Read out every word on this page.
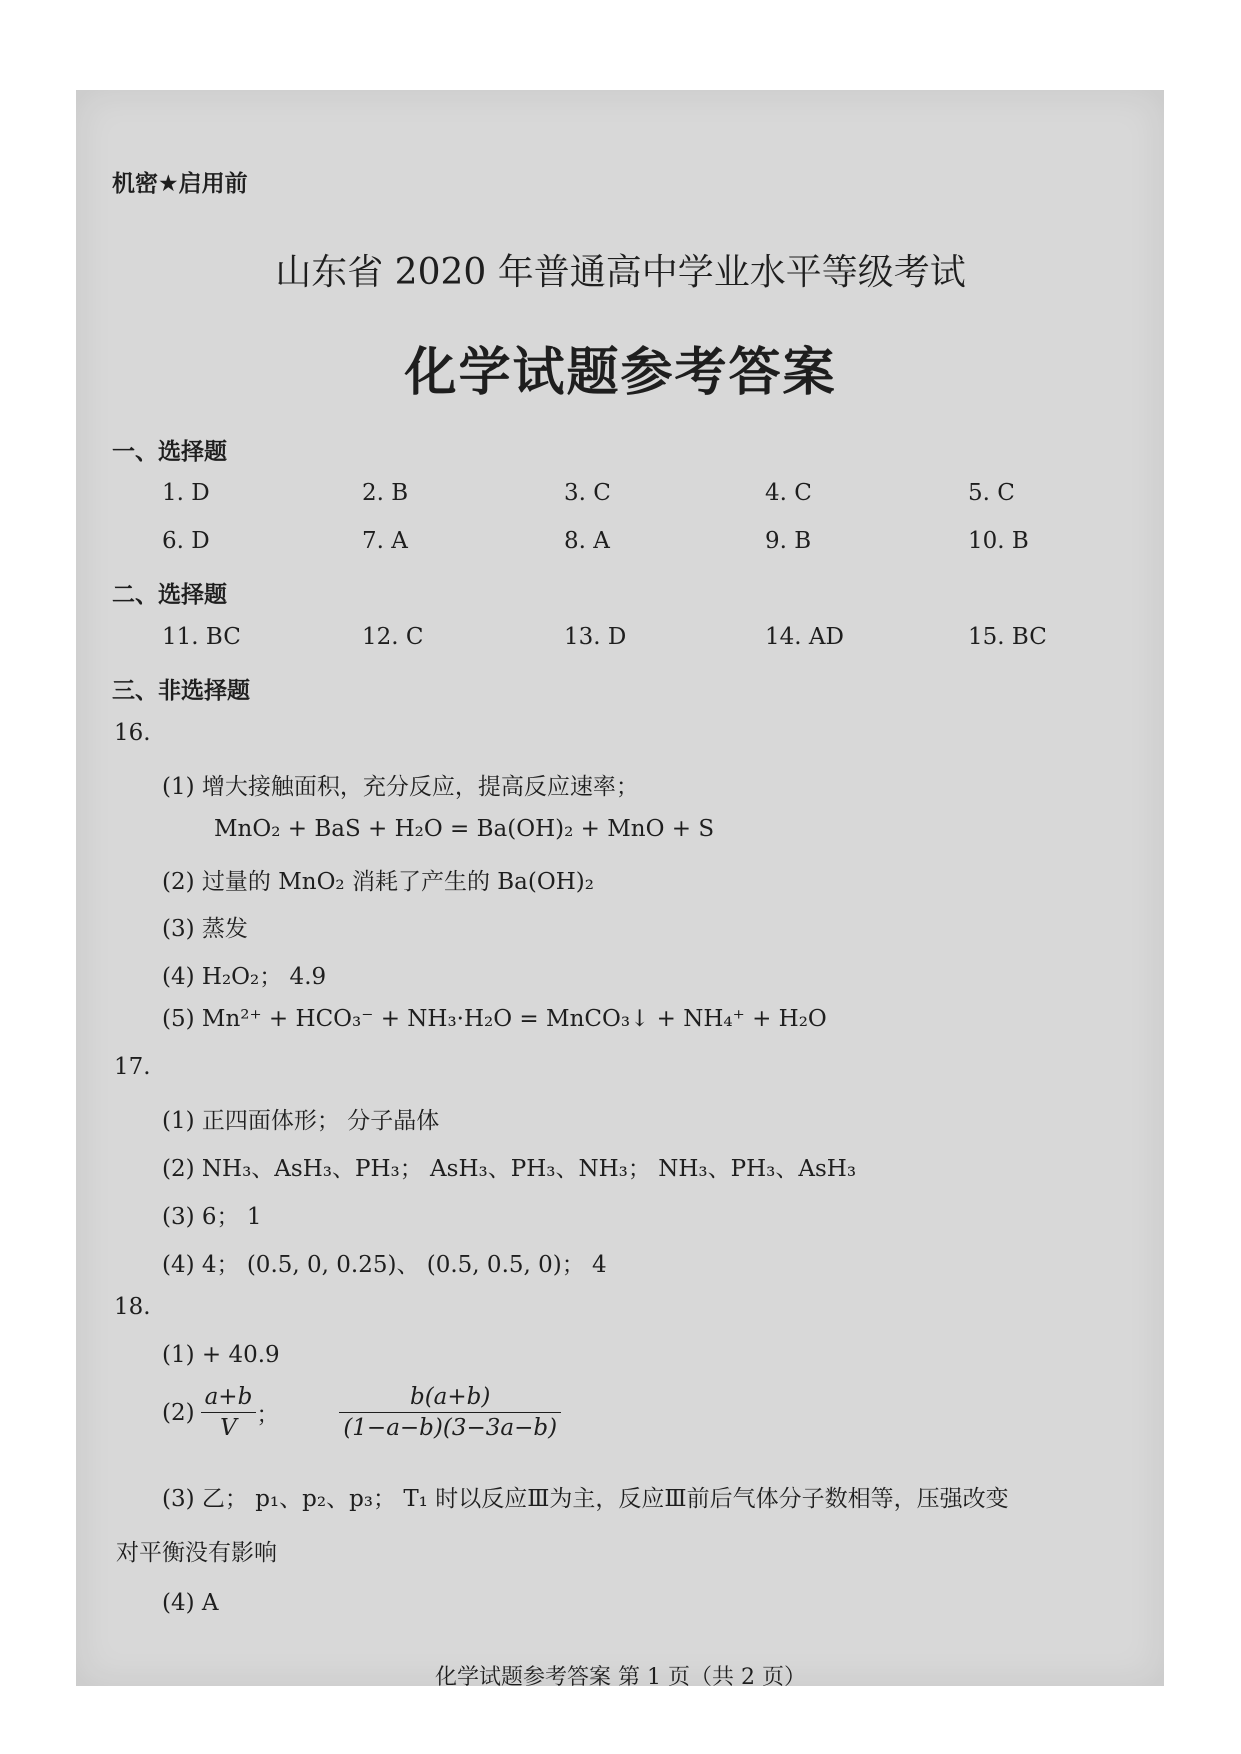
机密★启用前
山东省 2020 年普通高中学业水平等级考试
化学试题参考答案
一、选择题
1. D	2. B	3. C	4. C	5. C
6. D	7. A	8. A	9. B	10. B
二、选择题
11. BC	12. C	13. D	14. AD	15. BC
三、非选择题
16.
(1) 增大接触面积，充分反应，提高反应速率；
MnO₂ + BaS + H₂O = Ba(OH)₂ + MnO + S
(2) 过量的 MnO₂ 消耗了产生的 Ba(OH)₂
(3) 蒸发
(4) H₂O₂； 4.9
(5) Mn²⁺ + HCO₃⁻ + NH₃·H₂O = MnCO₃↓ + NH₄⁺ + H₂O
17.
(1) 正四面体形； 分子晶体
(2) NH₃、AsH₃、PH₃； AsH₃、PH₃、NH₃； NH₃、PH₃、AsH₃
(3) 6； 1
(4) 4； (0.5, 0, 0.25)、 (0.5, 0.5, 0)； 4
18.
(1) + 40.9
$(2) \frac{a+b}{V}$ ；	$\frac{b(a+b)}{(1-a-b)(3-3a-b)}$
(3) 乙； p₁、p₂、p₃； T₁ 时以反应Ⅲ为主，反应Ⅲ前后气体分子数相等，压强改变
对平衡没有影响
(4) A
化学试题参考答案 第 1 页（共 2 页）
